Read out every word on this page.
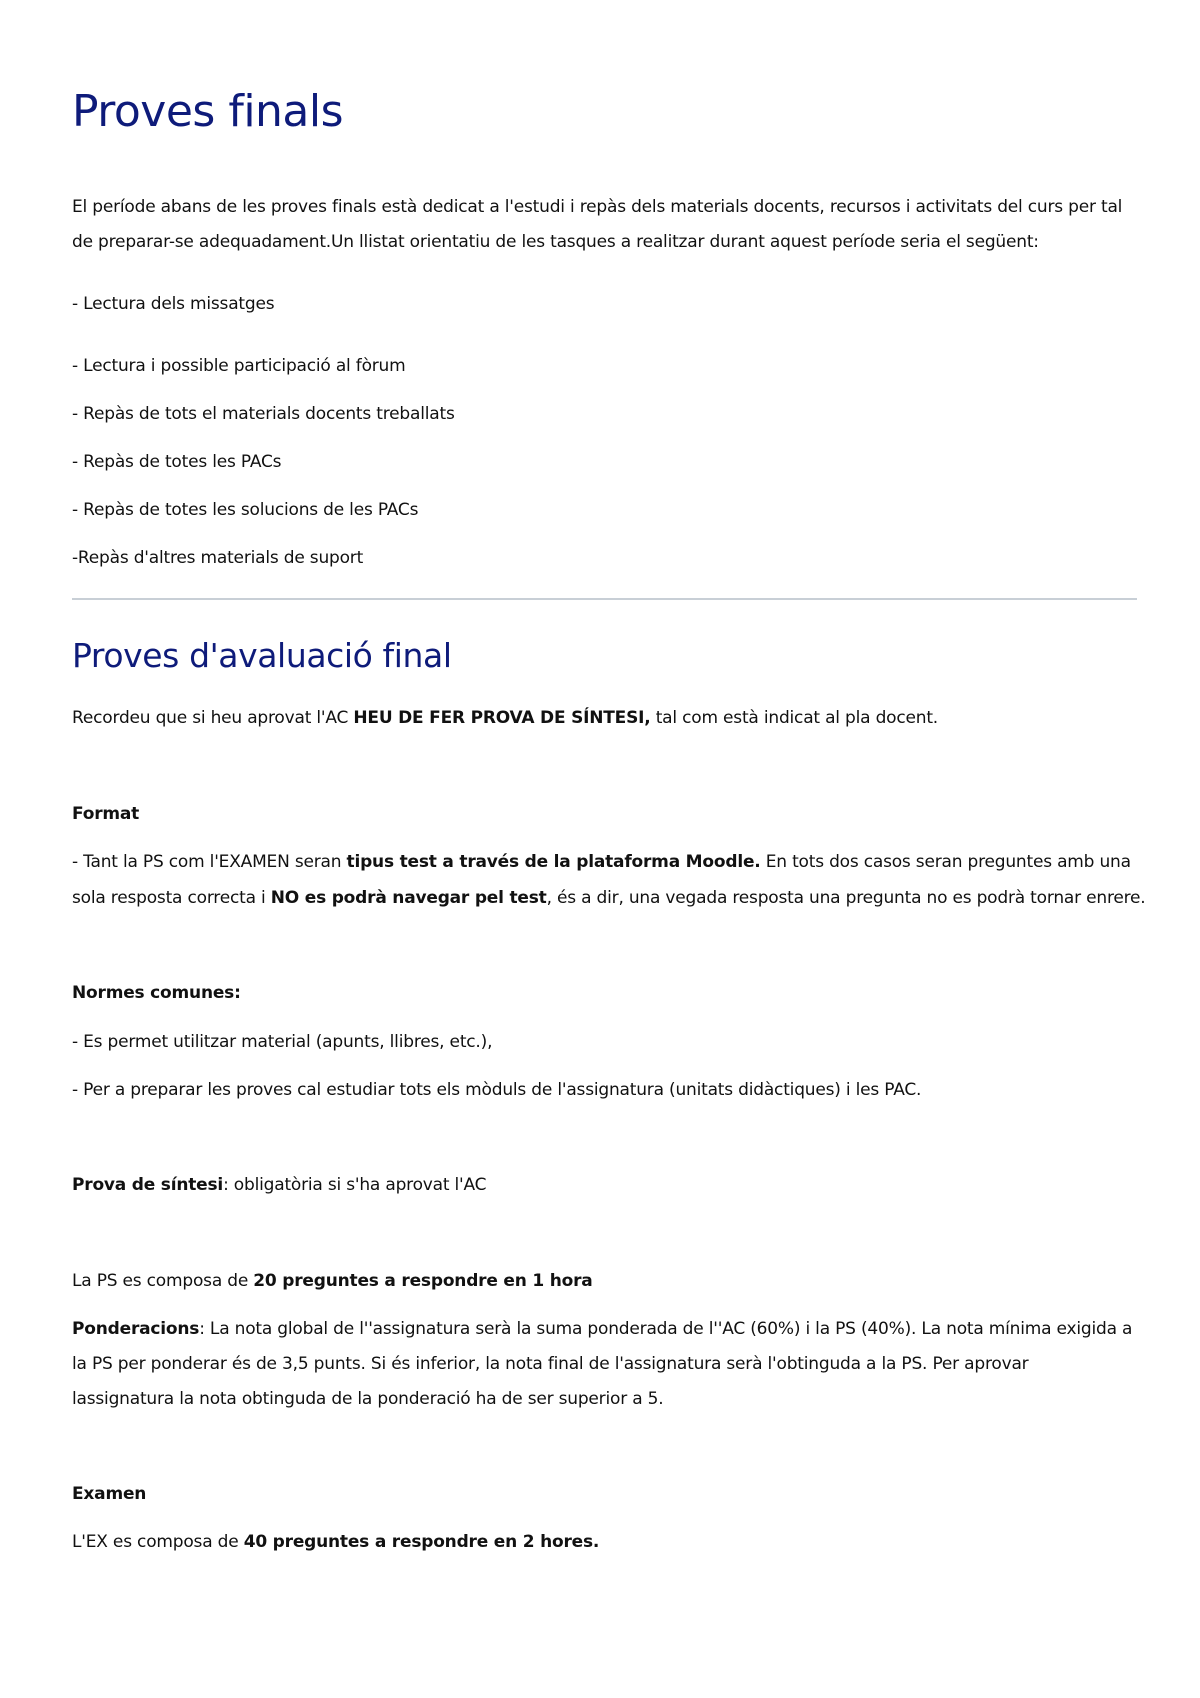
Proves finals
El període abans de les proves finals està dedicat a l'estudi i repàs dels materials docents, recursos i activitats del curs per tal
de preparar-se adequadament.Un llistat orientatiu de les tasques a realitzar durant aquest període seria el següent:
- Lectura dels missatges
- Lectura i possible participació al fòrum
- Repàs de tots el materials docents treballats
- Repàs de totes les PACs
- Repàs de totes les solucions de les PACs
-Repàs d'altres materials de suport
Proves d'avaluació final
Recordeu que si heu aprovat l'AC HEU DE FER PROVA DE SÍNTESI, tal com està indicat al pla docent.
Format
- Tant la PS com l'EXAMEN seran tipus test a través de la plataforma Moodle. En tots dos casos seran preguntes amb una
sola resposta correcta i NO es podrà navegar pel test, és a dir, una vegada resposta una pregunta no es podrà tornar enrere.
Normes comunes:
- Es permet utilitzar material (apunts, llibres, etc.),
- Per a preparar les proves cal estudiar tots els mòduls de l'assignatura (unitats didàctiques) i les PAC.
Prova de síntesi: obligatòria si s'ha aprovat l'AC
La PS es composa de 20 preguntes a respondre en 1 hora
Ponderacions: La nota global de l''assignatura serà la suma ponderada de l''AC (60%) i la PS (40%). La nota mínima exigida a
la PS per ponderar és de 3,5 punts. Si és inferior, la nota final de l'assignatura serà l'obtinguda a la PS. Per aprovar
lassignatura la nota obtinguda de la ponderació ha de ser superior a 5.
Examen
L'EX es composa de 40 preguntes a respondre en 2 hores.
